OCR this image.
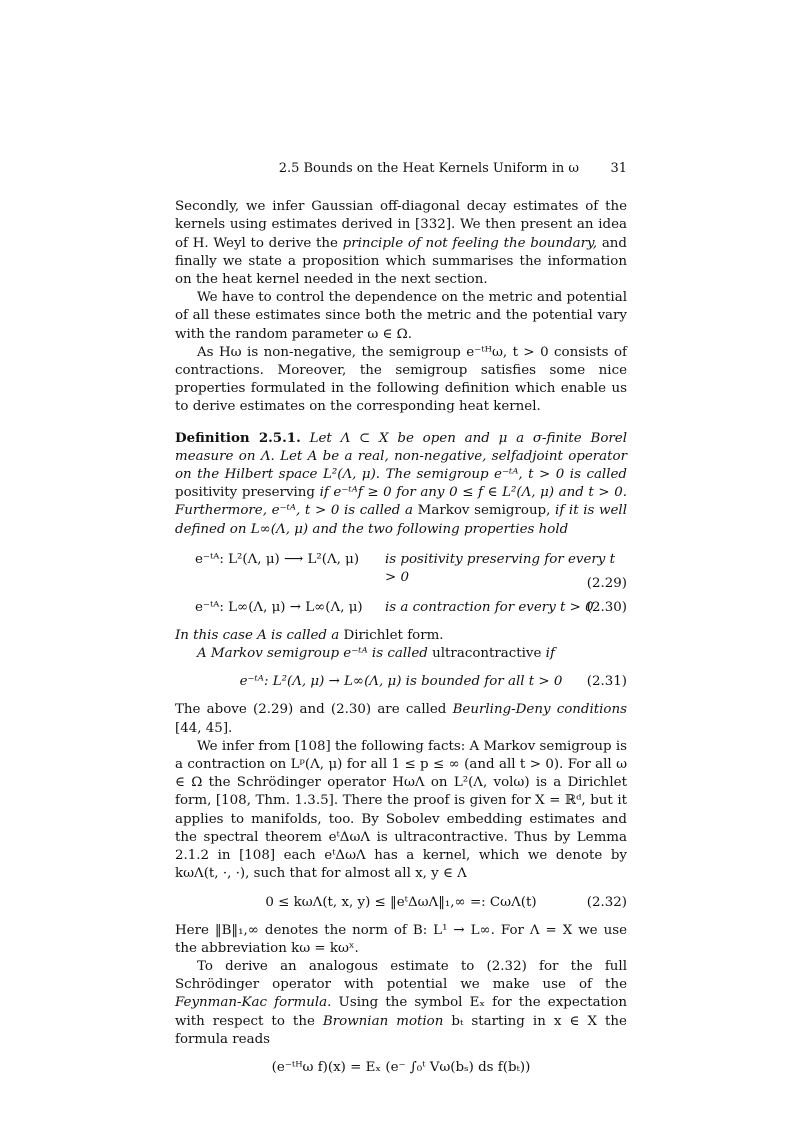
2.5 Bounds on the Heat Kernels Uniform in ω 31

Secondly, we infer Gaussian off-diagonal decay estimates of the kernels using estimates derived in [332]. We then present an idea of H. Weyl to derive the principle of not feeling the boundary, and finally we state a proposition which summarises the information on the heat kernel needed in the next section.

We have to control the dependence on the metric and potential of all these estimates since both the metric and the potential vary with the random parameter ω ∈ Ω.

As Hω is non-negative, the semigroup e⁻ᵗᴴω, t > 0 consists of contractions. Moreover, the semigroup satisfies some nice properties formulated in the following definition which enable us to derive estimates on the corresponding heat kernel.

Definition 2.5.1. Let Λ ⊂ X be open and μ a σ-finite Borel measure on Λ. Let A be a real, non-negative, selfadjoint operator on the Hilbert space L²(Λ, μ). The semigroup e⁻ᵗᴬ, t > 0 is called positivity preserving if e⁻ᵗᴬf ≥ 0 for any 0 ≤ f ∈ L²(Λ, μ) and t > 0. Furthermore, e⁻ᵗᴬ, t > 0 is called a Markov semigroup, if it is well defined on L∞(Λ, μ) and the two following properties hold

e⁻ᵗᴬ: L²(Λ, μ) ⟶ L²(Λ, μ) is positivity preserving for every t > 0	(2.29)
e⁻ᵗᴬ: L∞(Λ, μ) → L∞(Λ, μ) is a contraction for every t > 0
(2.30)

In this case A is called a Dirichlet form.

A Markov semigroup e⁻ᵗᴬ is called ultracontractive if

e⁻ᵗᴬ: L²(Λ, μ) → L∞(Λ, μ) is bounded for all t > 0 (2.31)

The above (2.29) and (2.30) are called Beurling-Deny conditions [44, 45].

We infer from [108] the following facts: A Markov semigroup is a contraction on Lᵖ(Λ, μ) for all 1 ≤ p ≤ ∞ (and all t > 0). For all ω ∈ Ω the Schrödinger operator HωΛ on L²(Λ, volω) is a Dirichlet form, [108, Thm. 1.3.5]. There the proof is given for X = ℝᵈ, but it applies to manifolds, too. By Sobolev embedding estimates and the spectral theorem eᵗΔωΛ is ultracontractive. Thus by Lemma 2.1.2 in [108] each eᵗΔωΛ has a kernel, which we denote by kωΛ(t, ·, ·), such that for almost all x, y ∈ Λ

0 ≤ kωΛ(t, x, y) ≤ ‖eᵗΔωΛ‖₁,∞ =: CωΛ(t)	(2.32)

Here ‖B‖₁,∞ denotes the norm of B: L¹ → L∞. For Λ = X we use the abbreviation kω = kωˣ.

To derive an analogous estimate to (2.32) for the full Schrödinger operator with potential we make use of the Feynman-Kac formula. Using the symbol Eₓ for the expectation with respect to the Brownian motion bₜ starting in x ∈ X the formula reads

(e⁻ᵗᴴω f)(x) = Eₓ (e⁻ ∫₀ᵗ Vω(bₛ) ds f(bₜ))
